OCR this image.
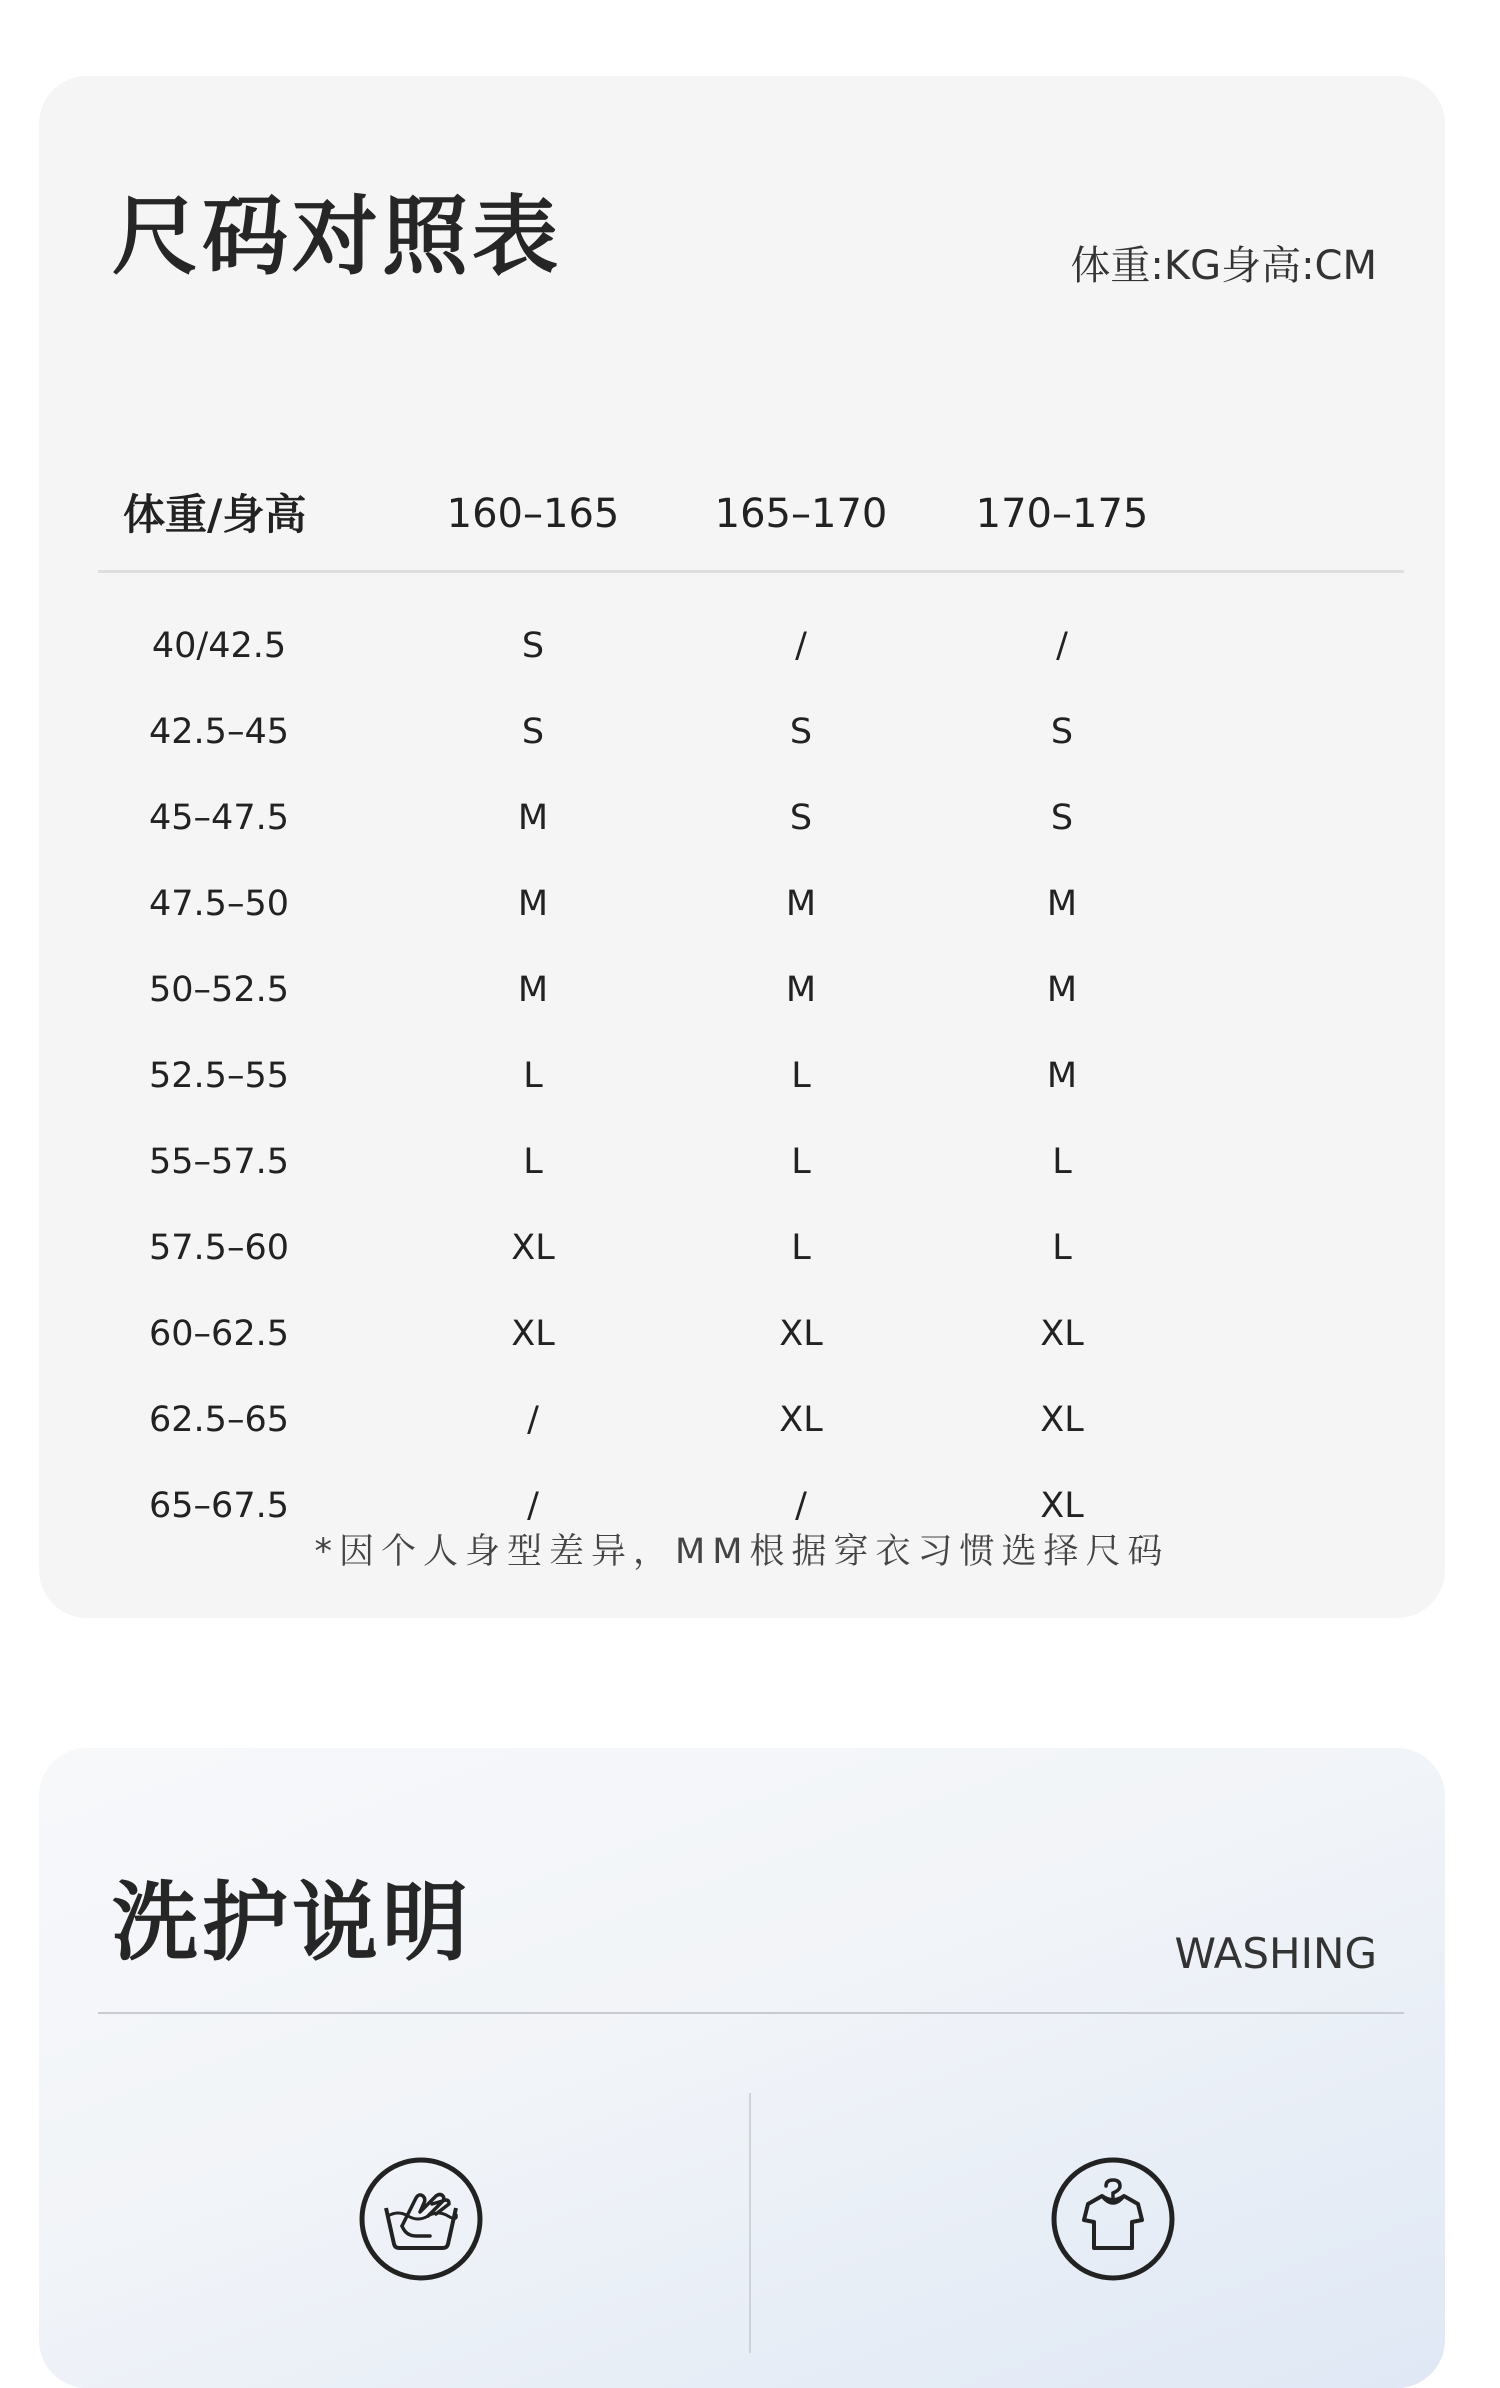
尺码对照表	体重:KG身高:CM
体重/身高	160–165 165–170 170–175
40/42.5	S	/	/
42.5–45	S	S	S
45–47.5	M	S	S
47.5–50	M	M	M
50–52.5	M	M	M
52.5–55	L	L	M
55–57.5	L	L	L
57.5–60	XL	L	L
60–62.5	XL	XL	XL
62.5–65	/	XL	XL
65–67.5	/	/	XL
*因个人身型差异，MM根据穿衣习惯选择尺码
洗护说明	WASHING
